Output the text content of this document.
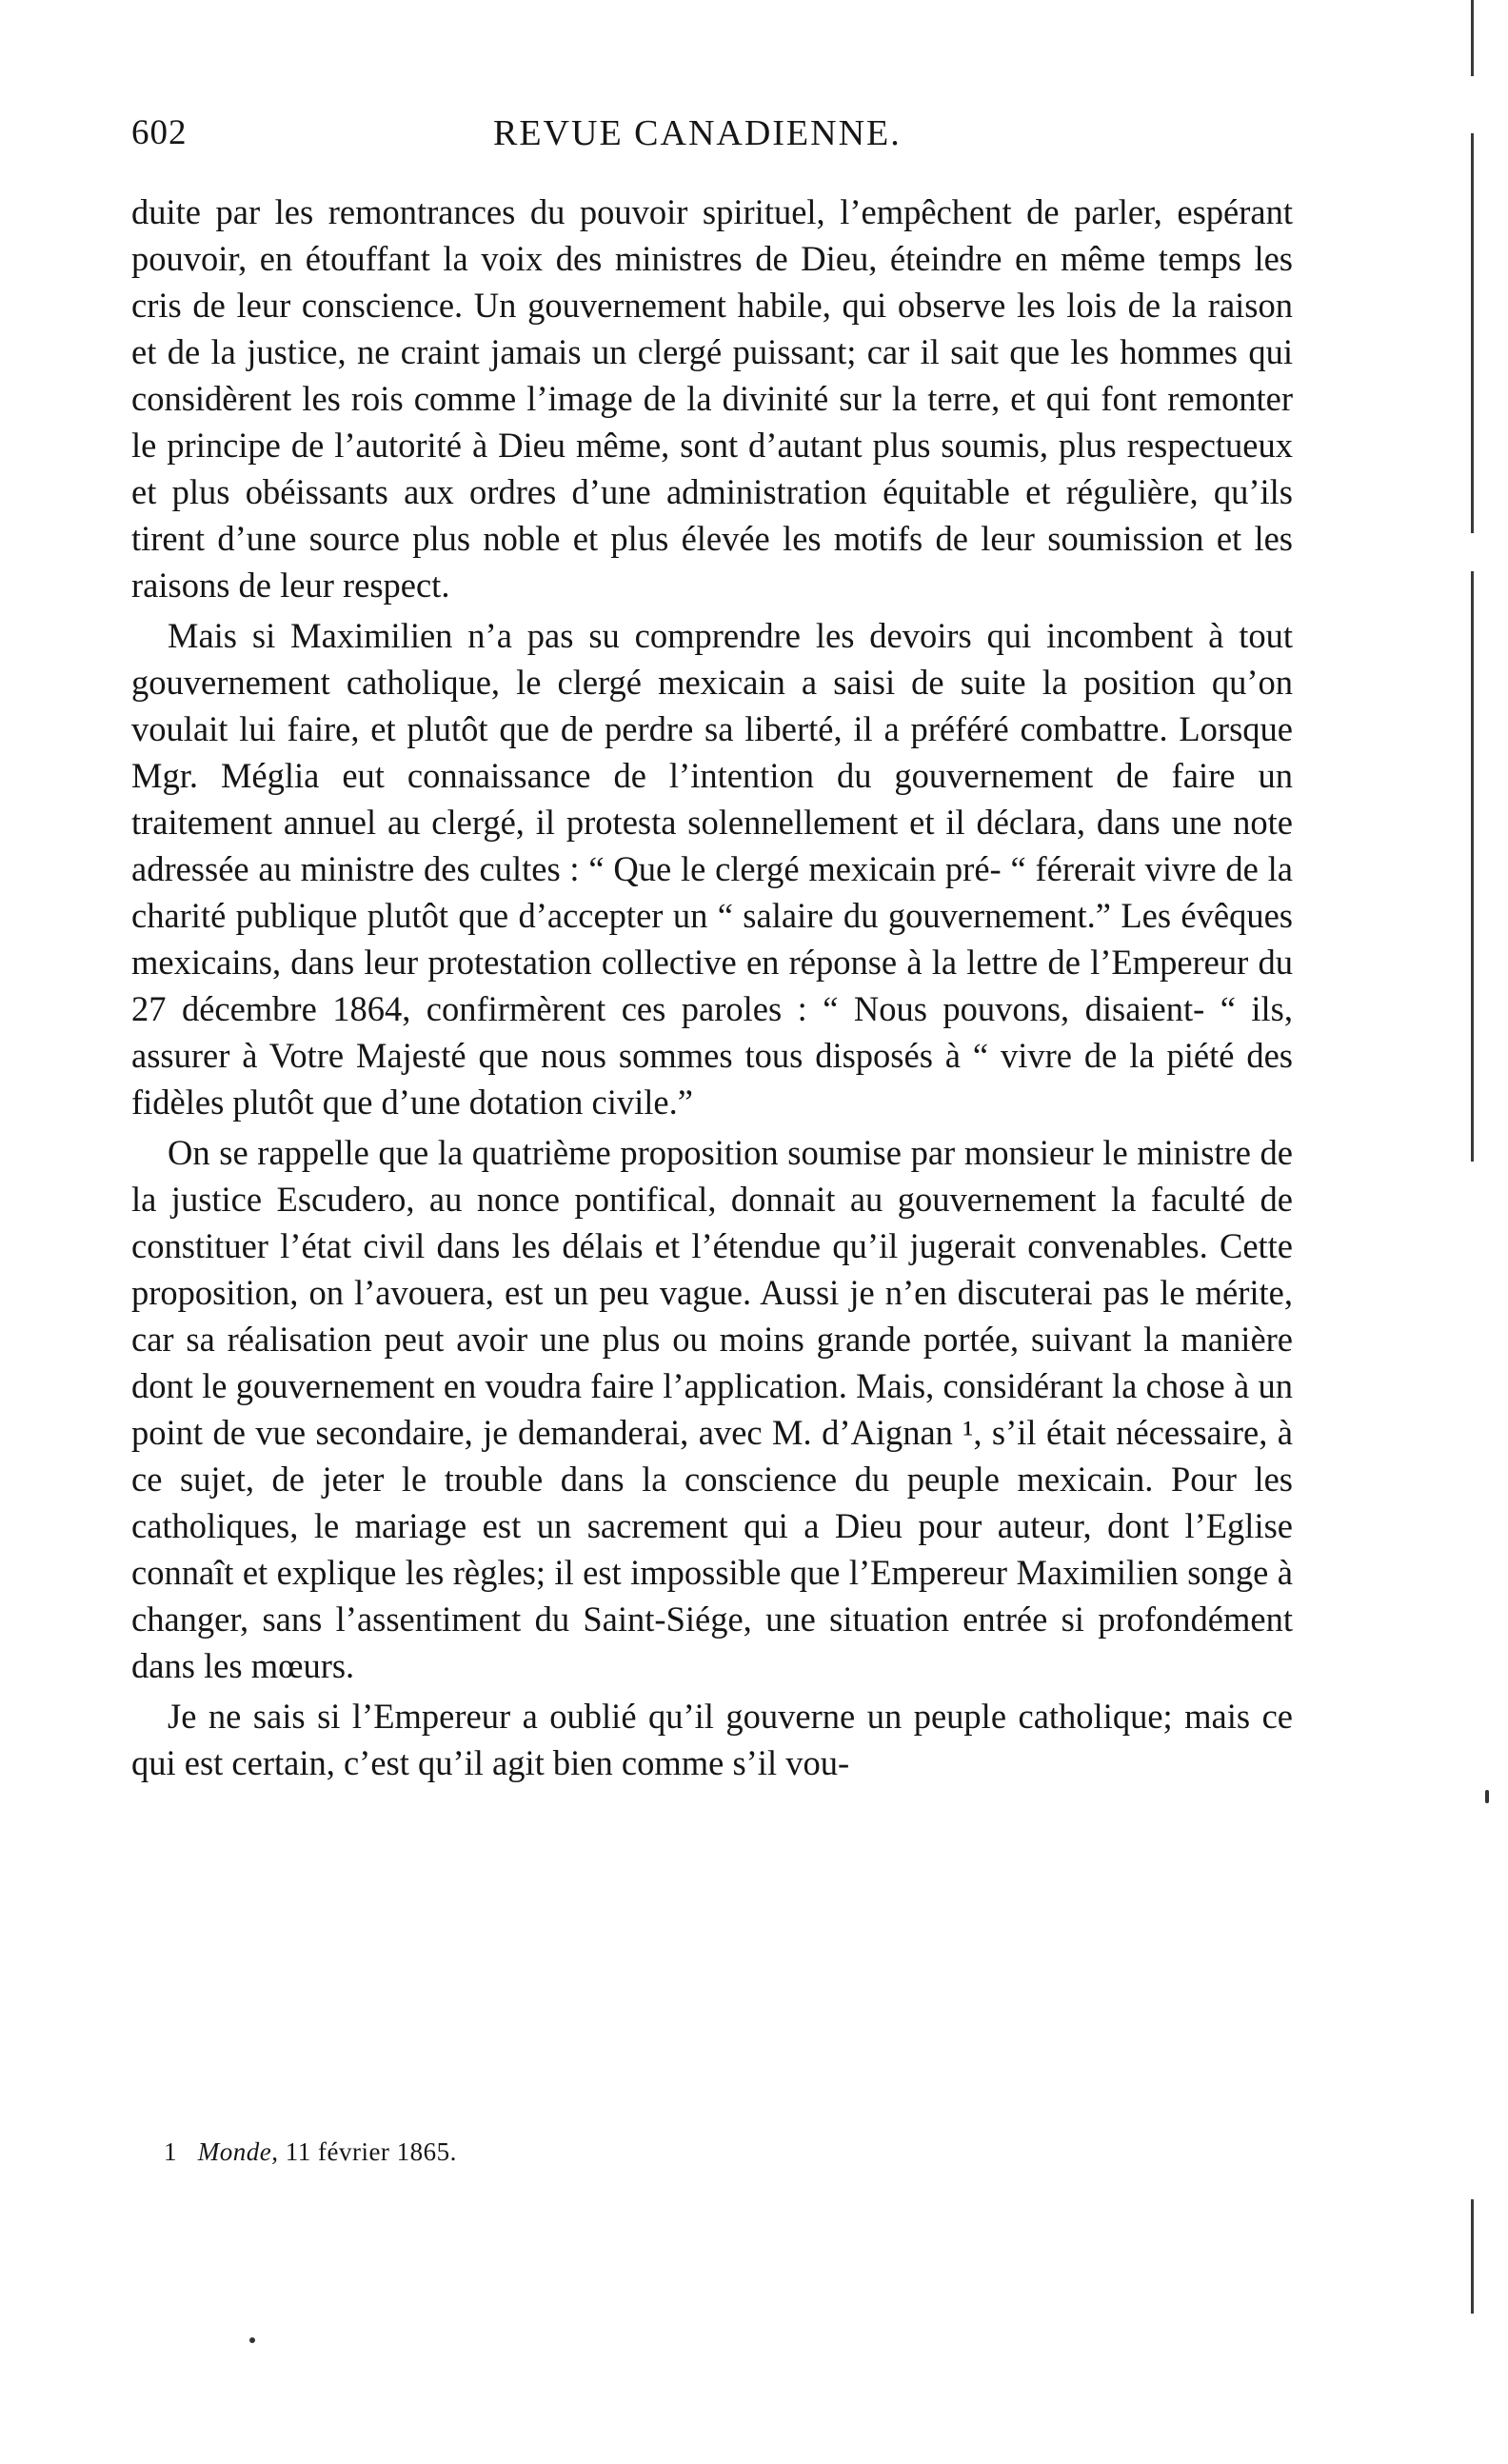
602	REVUE CANADIENNE.

duite par les remontrances du pouvoir spirituel, l’empêchent de parler, espérant pouvoir, en étouffant la voix des ministres de Dieu, éteindre en même temps les cris de leur conscience. Un gouvernement habile, qui observe les lois de la raison et de la justice, ne craint jamais un clergé puissant; car il sait que les hommes qui considèrent les rois comme l’image de la divinité sur la terre, et qui font remonter le principe de l’autorité à Dieu même, sont d’autant plus soumis, plus respectueux et plus obéissants aux ordres d’une administration équitable et régulière, qu’ils tirent d’une source plus noble et plus élevée les motifs de leur soumission et les raisons de leur respect.

Mais si Maximilien n’a pas su comprendre les devoirs qui incombent à tout gouvernement catholique, le clergé mexicain a saisi de suite la position qu’on voulait lui faire, et plutôt que de perdre sa liberté, il a préféré combattre. Lorsque Mgr. Méglia eut connaissance de l’intention du gouvernement de faire un traitement annuel au clergé, il protesta solennellement et il déclara, dans une note adressée au ministre des cultes : “ Que le clergé mexicain pré- “ férerait vivre de la charité publique plutôt que d’accepter un “ salaire du gouvernement.” Les évêques mexicains, dans leur protestation collective en réponse à la lettre de l’Empereur du 27 décembre 1864, confirmèrent ces paroles : “ Nous pouvons, disaient- “ ils, assurer à Votre Majesté que nous sommes tous disposés à “ vivre de la piété des fidèles plutôt que d’une dotation civile.”

On se rappelle que la quatrième proposition soumise par monsieur le ministre de la justice Escudero, au nonce pontifical, donnait au gouvernement la faculté de constituer l’état civil dans les délais et l’étendue qu’il jugerait convenables. Cette proposition, on l’avouera, est un peu vague. Aussi je n’en discuterai pas le mérite, car sa réalisation peut avoir une plus ou moins grande portée, suivant la manière dont le gouvernement en voudra faire l’application. Mais, considérant la chose à un point de vue secondaire, je demanderai, avec M. d’Aignan ¹, s’il était nécessaire, à ce sujet, de jeter le trouble dans la conscience du peuple mexicain. Pour les catholiques, le mariage est un sacrement qui a Dieu pour auteur, dont l’Eglise connaît et explique les règles; il est impossible que l’Empereur Maximilien songe à changer, sans l’assentiment du Saint-Siége, une situation entrée si profondément dans les mœurs.

Je ne sais si l’Empereur a oublié qu’il gouverne un peuple catholique; mais ce qui est certain, c’est qu’il agit bien comme s’il vou-

1 Monde, 11 février 1865.
